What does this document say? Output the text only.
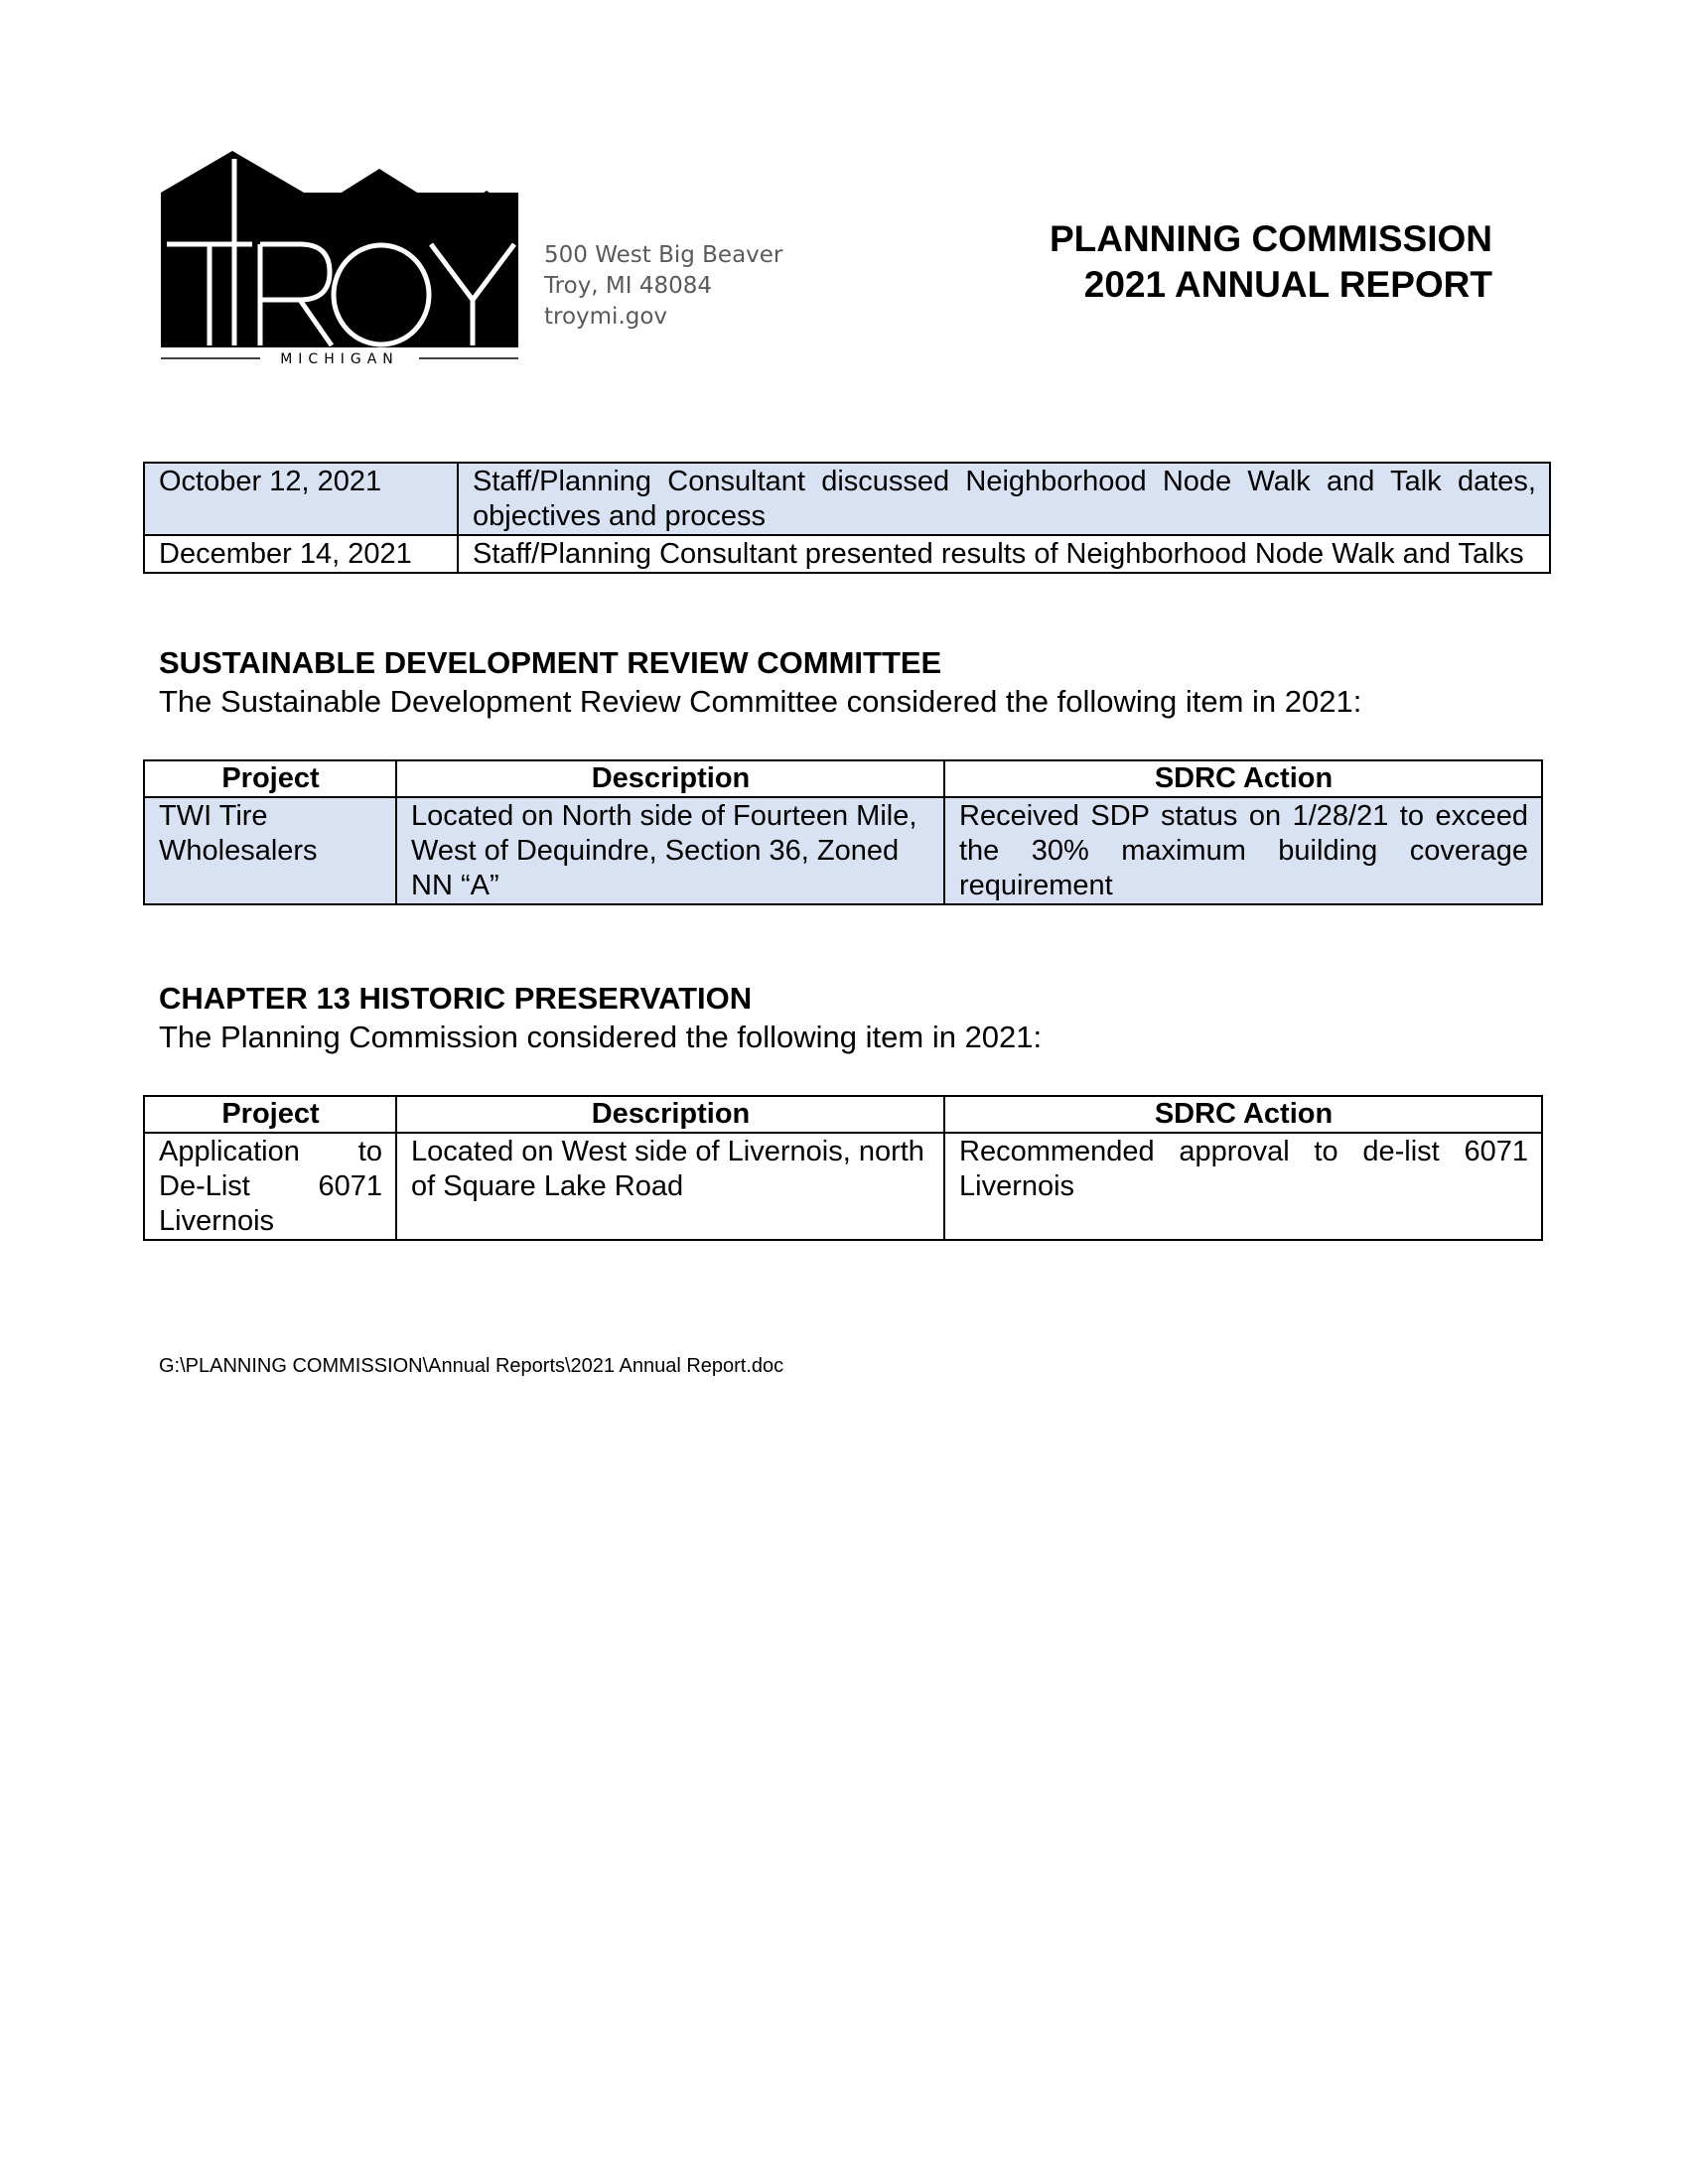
MICHIGAN
500 West Big Beaver
Troy, MI 48084
troymi.gov
PLANNING COMMISSION
2021 ANNUAL REPORT
October 12, 2021	Staff/Planning Consultant discussed Neighborhood Node Walk and Talk dates, objectives and process
December 14, 2021	Staff/Planning Consultant presented results of Neighborhood Node Walk and Talks
SUSTAINABLE DEVELOPMENT REVIEW COMMITTEE
The Sustainable Development Review Committee considered the following item in 2021:
Project	Description	SDRC Action
TWI Tire Wholesalers	Located on North side of Fourteen Mile, West of Dequindre, Section 36, Zoned NN “A”	Received SDP status on 1/28/21 to exceed the 30% maximum building coverage requirement
CHAPTER 13 HISTORIC PRESERVATION
The Planning Commission considered the following item in 2021:
Project	Description	SDRC Action
Application to De-List 6071 Livernois	Located on West side of Livernois, north of Square Lake Road	Recommended approval to de-list 6071 Livernois
G:\PLANNING COMMISSION\Annual Reports\2021 Annual Report.doc
